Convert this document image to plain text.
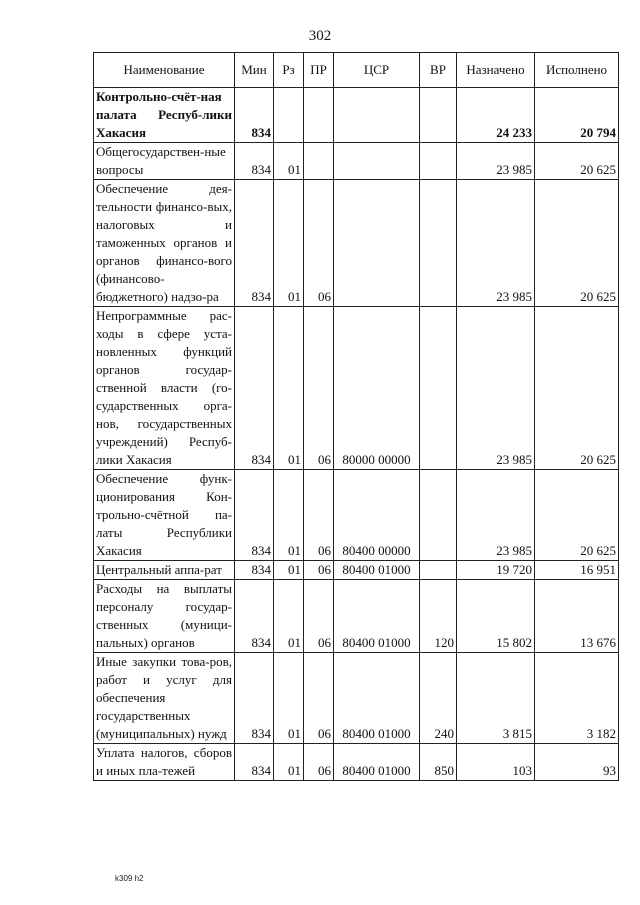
302
Наименование	Мин	Рз	ПР	ЦСР	ВР	Назначено	Исполнено
Контрольно-счёт-ная палата Респуб-лики Хакасия	834					24 233	20 794
Общегосударствен-ные вопросы	834	01				23 985	20 625
Обеспечение дея-тельности финансо-вых, налоговых и таможенных органов и органов финансо-вого (финансово-бюджетного) надзо-ра	834	01	06			23 985	20 625
Непрограммные рас-ходы в сфере уста-новленных функций органов государ-ственной власти (го-сударственных орга-нов, государственных учреждений) Респуб-лики Хакасия	834	01	06	80000 00000		23 985	20 625
Обеспечение функ-ционирования Кон-трольно-счётной па-латы Республики Хакасия	834	01	06	80400 00000		23 985	20 625
Центральный аппа-рат	834	01	06	80400 01000		19 720	16 951
Расходы на выплаты персоналу государ-ственных (муници-пальных) органов	834	01	06	80400 01000	120	15 802	13 676
Иные закупки това-ров, работ и услуг для обеспечения государственных (муниципальных) нужд	834	01	06	80400 01000	240	3 815	3 182
Уплата налогов, сборов и иных пла-тежей	834	01	06	80400 01000	850	103	93
k309 h2
